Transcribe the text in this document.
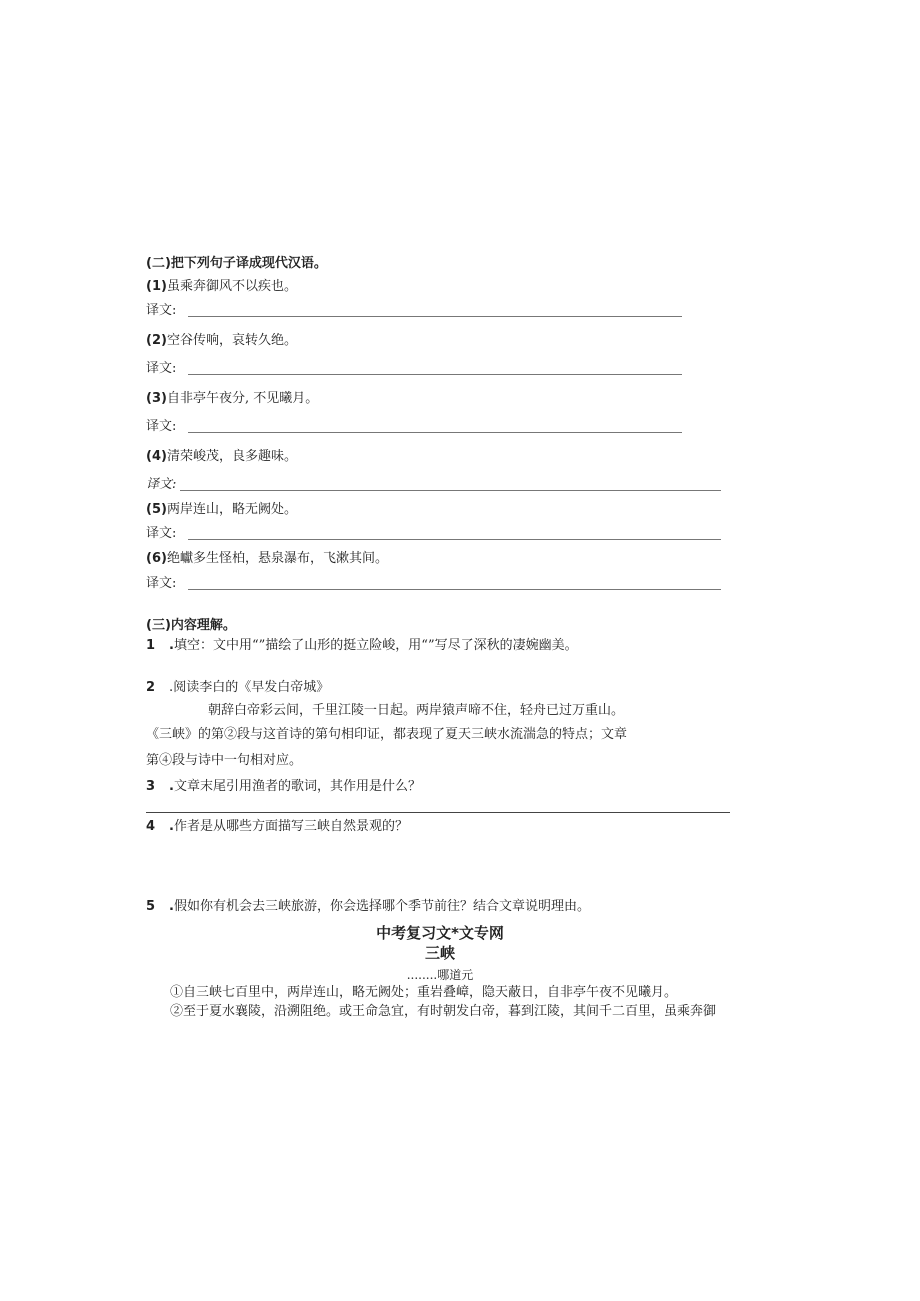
(二)把下列句子译成现代汉语。
(1)虽乘奔御风不以疾也。
译文:
(2)空谷传响，哀转久绝。
译文:
(3)自非亭午夜分, 不见曦月。
译文:
(4)清荣峻茂，良多趣味。
译文:
(5)两岸连山，略无阙处。
译文:
(6)绝巘多生怪柏，悬泉瀑布，飞漱其间。
译文:
(三)内容理解。
1 .填空：文中用“”描绘了山形的挺立险峻，用“”写尽了深秋的凄婉幽美。
2 .阅读李白的《早发白帝城》
朝辞白帝彩云间，千里江陵一日起。两岸猿声啼不住，轻舟已过万重山。
《三峡》的第②段与这首诗的第句相印证，都表现了夏天三峡水流湍急的特点；文章
第④段与诗中一句相对应。
3 .文章末尾引用渔者的歌词，其作用是什么？
4 .作者是从哪些方面描写三峡自然景观的？
5 .假如你有机会去三峡旅游，你会选择哪个季节前往？结合文章说明理由。
中考复习文*文专网
三峡
........哪道元
①自三峡七百里中，两岸连山，略无阙处；重岩叠嶂，隐天蔽日，自非亭午夜不见曦月。
②至于夏水襄陵，沿溯阻绝。或王命急宜，有时朝发白帝，暮到江陵，其间千二百里，虽乘奔御
